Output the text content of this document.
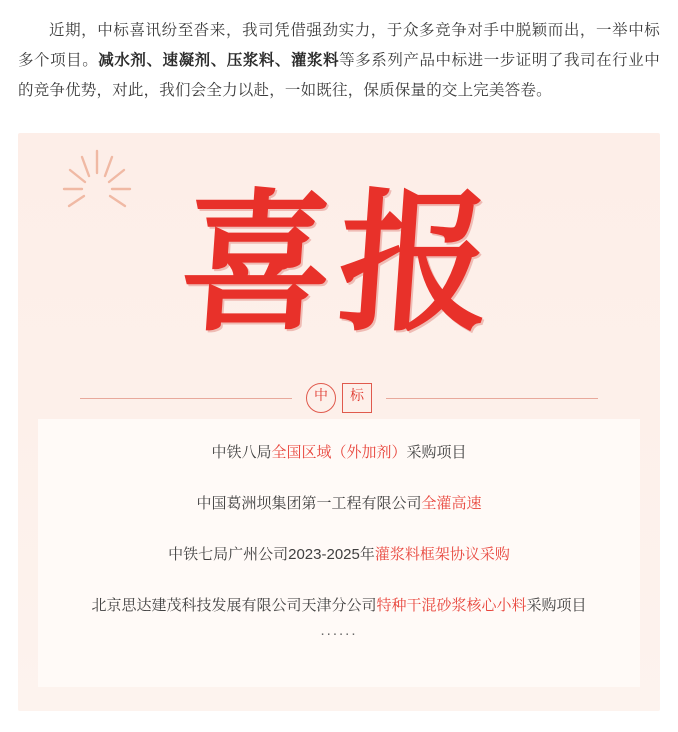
近期，中标喜讯纷至沓来，我司凭借强劲实力，于众多竞争对手中脱颖而出，一举中标多个项目。减水剂、速凝剂、压浆料、灌浆料等多系列产品中标进一步证明了我司在行业中的竞争优势，对此，我们会全力以赴，一如既往，保质保量的交上完美答卷。

喜报
中	标

中铁八局全国区域（外加剂）采购项目

中国葛洲坝集团第一工程有限公司全灌高速

中铁七局广州公司2023-2025年灌浆料框架协议采购

北京思达建茂科技发展有限公司天津分公司特种干混砂浆核心小料采购项目

......
